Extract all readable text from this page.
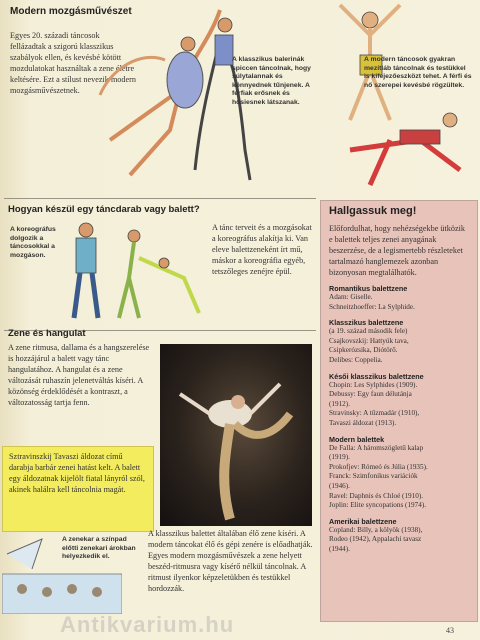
Modern mozgásművészet
Egyes 20. századi táncosok fellázadtak a szigorú klasszikus szabályok ellen, és kevésbé kötött mozdulatokat használtak a zene életre keltésére. Ezt a stílust nevezik modern mozgásművészetnek.
A klasszikus balerinák spiccen táncolnak, hogy súlytalannak és könnyednek tűnjenek. A férfiak erősnek és hősiesnek látszanak.
A modern táncosok gyakran mezítláb táncolnak és testükkel is kifejezőeszközt tehet. A férfi és nő szerepei kevésbé rögzültek.
Hogyan készül egy táncdarab vagy balett?
A koreográfus dolgozik a táncosokkal a mozgáson.
A tánc terveit és a mozgásokat a koreográfus alakítja ki. Van eleve balettzeneként írt mű, máskor a koreográfia egyéb, tetszőleges zenéjre épül.
Zene és hangulat
A zene ritmusa, dallama és a hangszerelése is hozzájárul a balett vagy tánc hangulatához. A hangulat és a zene változását ruhaszín jelenetváltás kíséri. A közönség érdeklődését a kontraszt, a változatosság tartja fenn.
Sztravinszkij Tavaszi áldozat című darabja barbár zenei hatást kelt. A balett egy áldozatnak kijelölt fiatal lányról szól, akinek halálra kell táncolnia magát.
A zenekar a színpad előtti zenekari árokban helyezkedik el.
A klasszikus balettet általában élő zene kíséri. A modern táncokat élő és gépi zenére is előadhatják. Egyes modern mozgásművészek a zene helyett beszéd-ritmusra vagy kísérő nélkül táncolnak. A ritmust ilyenkor képzeletükben és testükkel hordozzák.
Hallgassuk meg!
Előfordulhat, hogy nehézségekbe ütközik e balettek teljes zenei anyagának beszerzése, de a legismertebb részleteket tartalmazó hanglemezek azonban bizonyosan megtalálhatók.
Romantikus balettzene
Adam: Giselle.
Schneitzhoeffer: La Sylphide.
Klasszikus balettzene
(a 19. század második fele)
Csajkovszkij: Hattyúk tava,
Csipkerózsika, Diótörő.
Delibes: Coppelia.
Késői klasszikus balettzene
Chopin: Les Sylphides (1909).
Debussy: Egy faun délutánja
(1912).
Stravinsky: A tűzmadár (1910),
Tavaszi áldozat (1913).
Modern balettek
De Falla: A háromszögletű kalap
(1919).
Prokofjev: Rómeó és Júlia (1935).
Franck: Szimfonikus variációk
(1946).
Ravel: Daphnis és Chloé (1910).
Joplin: Elite syncopations (1974).
Amerikai balettzene
Copland: Billy, a kölyök (1938),
Rodeo (1942), Appalachi tavasz
(1944).
Antikvarium.hu	43
